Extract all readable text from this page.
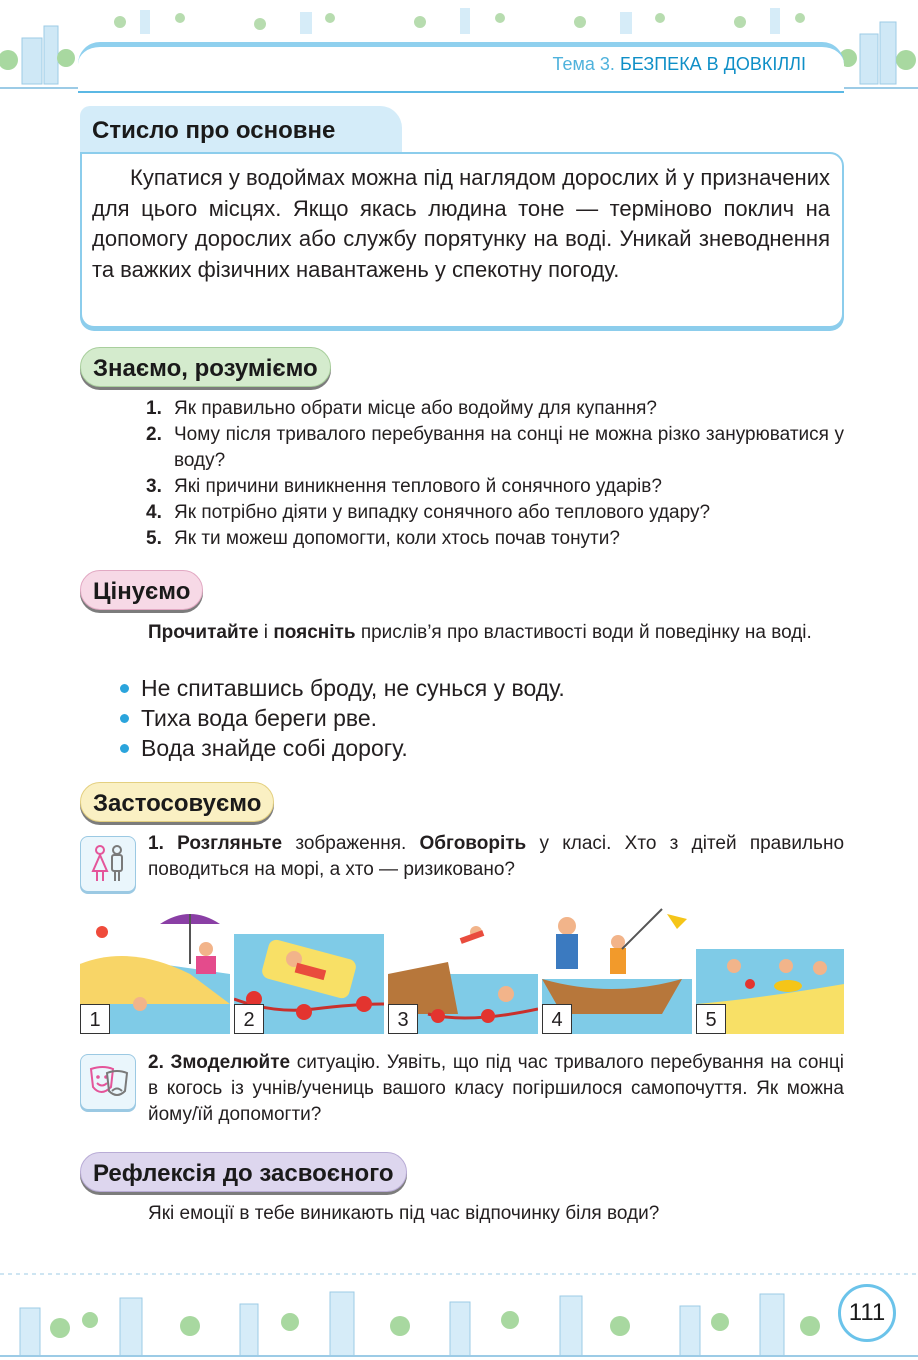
Тема 3. БЕЗПЕКА В ДОВКІЛЛІ
Стисло про основне
Купатися у водоймах можна під наглядом дорослих й у призначених для цього місцях. Якщо якась людина тоне — терміново поклич на допомогу дорослих або службу порятунку на воді. Уникай зневоднення та важких фізичних навантажень у спекотну погоду.
Знаємо, розуміємо
1. Як правильно обрати місце або водойму для купання?
2. Чому після тривалого перебування на сонці не можна різко занурюватися у воду?
3. Які причини виникнення теплового й сонячного ударів?
4. Як потрібно діяти у випадку сонячного або теплового удару?
5. Як ти можеш допомогти, коли хтось почав тонути?
Цінуємо
Прочитайте і поясніть прислів’я про властивості води й поведінку на воді.
Не спитавшись броду, не сунься у воду.
Тиха вода береги рве.
Вода знайде собі дорогу.
Застосовуємо
1. Розгляньте зображення. Обговоріть у класі. Хто з дітей правильно поводиться на морі, а хто — ризиковано?
1	2	3	4	5
2. Змоделюйте ситуацію. Уявіть, що під час тривалого перебування на сонці в когось із учнів/учениць вашого класу погіршилося самопочуття. Як можна йому/їй допомогти?
Рефлексія до засвоєного
Які емоції в тебе виникають під час відпочинку біля води?
111
